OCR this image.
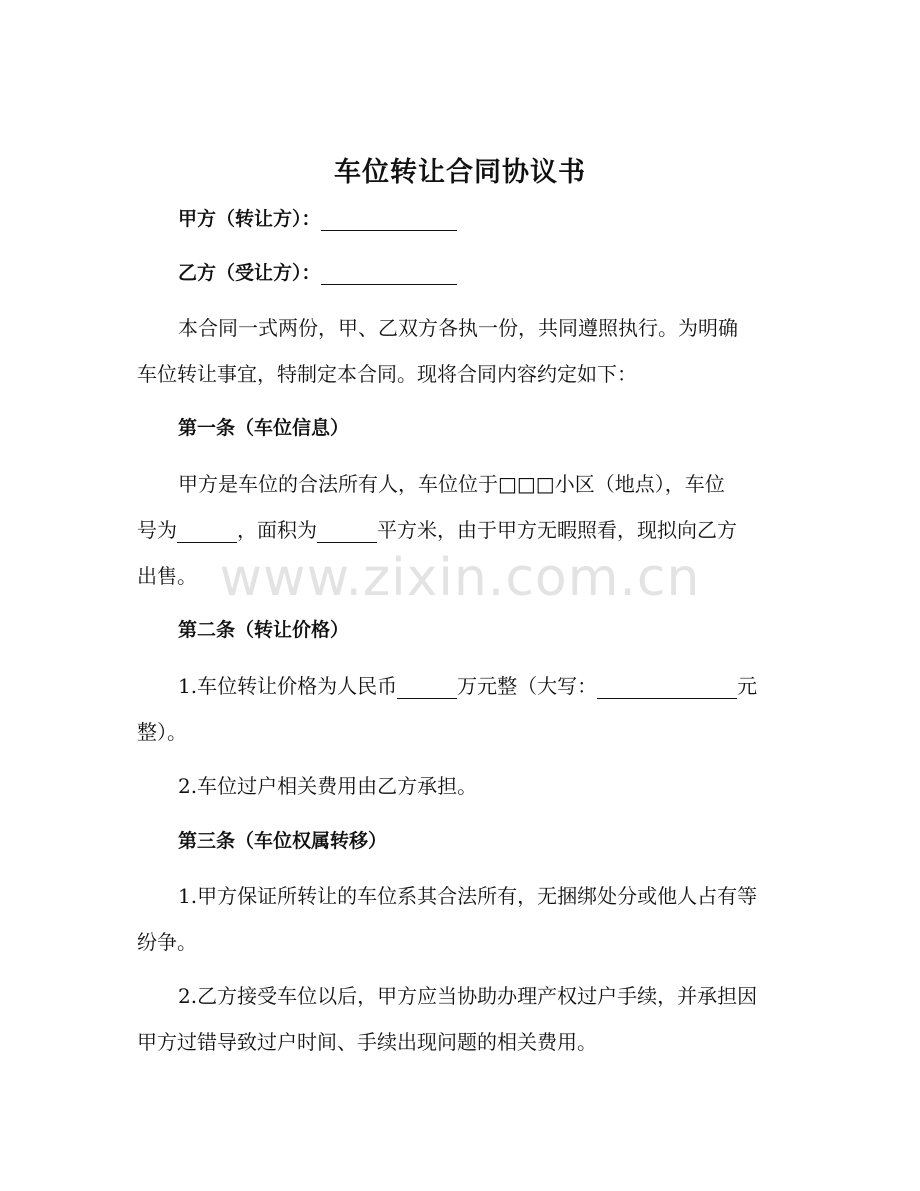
车位转让合同协议书
甲方（转让方）：
乙方（受让方）：
本合同一式两份，甲、乙双方各执一份，共同遵照执行。为明确
车位转让事宜，特制定本合同。现将合同内容约定如下：
第一条（车位信息）
甲方是车位的合法所有人，车位位于□□□小区（地点），车位
号为	，面积为	平方米，由于甲方无暇照看，现拟向乙方
出售。
第二条（转让价格）
1.车位转让价格为人民币	万元整（大写：	元
整）。
2.车位过户相关费用由乙方承担。
第三条（车位权属转移）
1.甲方保证所转让的车位系其合法所有，无捆绑处分或他人占有等
纷争。
2.乙方接受车位以后，甲方应当协助办理产权过户手续，并承担因
甲方过错导致过户时间、手续出现问题的相关费用。
www.zixin.com.cn
